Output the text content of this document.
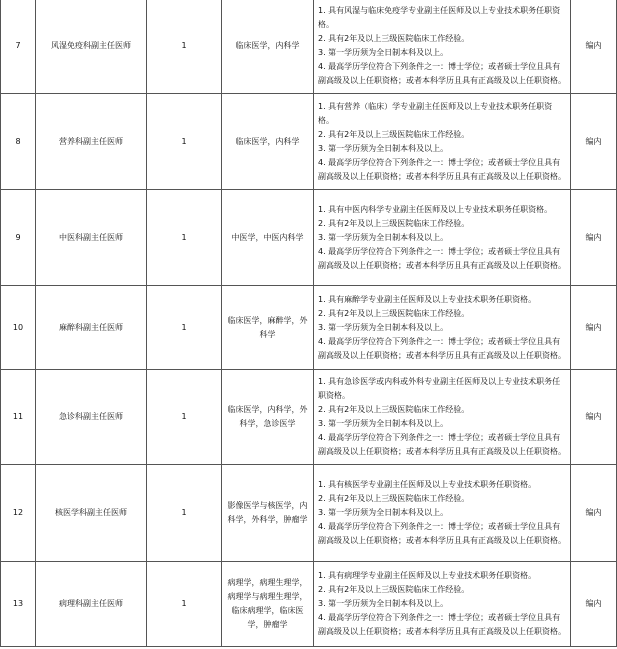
7	风湿免疫科副主任医师	1	临床医学，内科学	1. 具有风湿与临床免疫学专业副主任医师及以上专业技术职务任职资格。
2. 具有2年及以上三级医院临床工作经验。
3. 第一学历须为全日制本科及以上。
4. 最高学历学位符合下列条件之一：博士学位；或者硕士学位且具有副高级及以上任职资格；或者本科学历且具有正高级及以上任职资格。	编内
8	营养科副主任医师	1	临床医学，内科学	1. 具有营养（临床）学专业副主任医师及以上专业技术职务任职资格。
2. 具有2年及以上三级医院临床工作经验。
3. 第一学历须为全日制本科及以上。
4. 最高学历学位符合下列条件之一：博士学位；或者硕士学位且具有副高级及以上任职资格；或者本科学历且具有正高级及以上任职资格。	编内
9	中医科副主任医师	1	中医学，中医内科学	1. 具有中医内科学专业副主任医师及以上专业技术职务任职资格。
2. 具有2年及以上三级医院临床工作经验。
3. 第一学历须为全日制本科及以上。
4. 最高学历学位符合下列条件之一：博士学位；或者硕士学位且具有副高级及以上任职资格；或者本科学历且具有正高级及以上任职资格。	编内
10	麻醉科副主任医师	1	临床医学，麻醉学，外科学	1. 具有麻醉学专业副主任医师及以上专业技术职务任职资格。
2. 具有2年及以上三级医院临床工作经验。
3. 第一学历须为全日制本科及以上。
4. 最高学历学位符合下列条件之一：博士学位；或者硕士学位且具有副高级及以上任职资格；或者本科学历且具有正高级及以上任职资格。	编内
11	急诊科副主任医师	1	临床医学，内科学，外科学，急诊医学	1. 具有急诊医学或内科或外科专业副主任医师及以上专业技术职务任职资格。
2. 具有2年及以上三级医院临床工作经验。
3. 第一学历须为全日制本科及以上。
4. 最高学历学位符合下列条件之一：博士学位；或者硕士学位且具有副高级及以上任职资格；或者本科学历且具有正高级及以上任职资格。	编内
12	核医学科副主任医师	1	影像医学与核医学，内科学，外科学，肿瘤学	1. 具有核医学专业副主任医师及以上专业技术职务任职资格。
2. 具有2年及以上三级医院临床工作经验。
3. 第一学历须为全日制本科及以上。
4. 最高学历学位符合下列条件之一：博士学位；或者硕士学位且具有副高级及以上任职资格；或者本科学历且具有正高级及以上任职资格。	编内
13	病理科副主任医师	1	病理学，病理生理学，病理学与病理生理学，临床病理学，临床医学，肿瘤学	1. 具有病理学专业副主任医师及以上专业技术职务任职资格。
2. 具有2年及以上三级医院临床工作经验。
3. 第一学历须为全日制本科及以上。
4. 最高学历学位符合下列条件之一：博士学位；或者硕士学位且具有副高级及以上任职资格；或者本科学历且具有正高级及以上任职资格。	编内
